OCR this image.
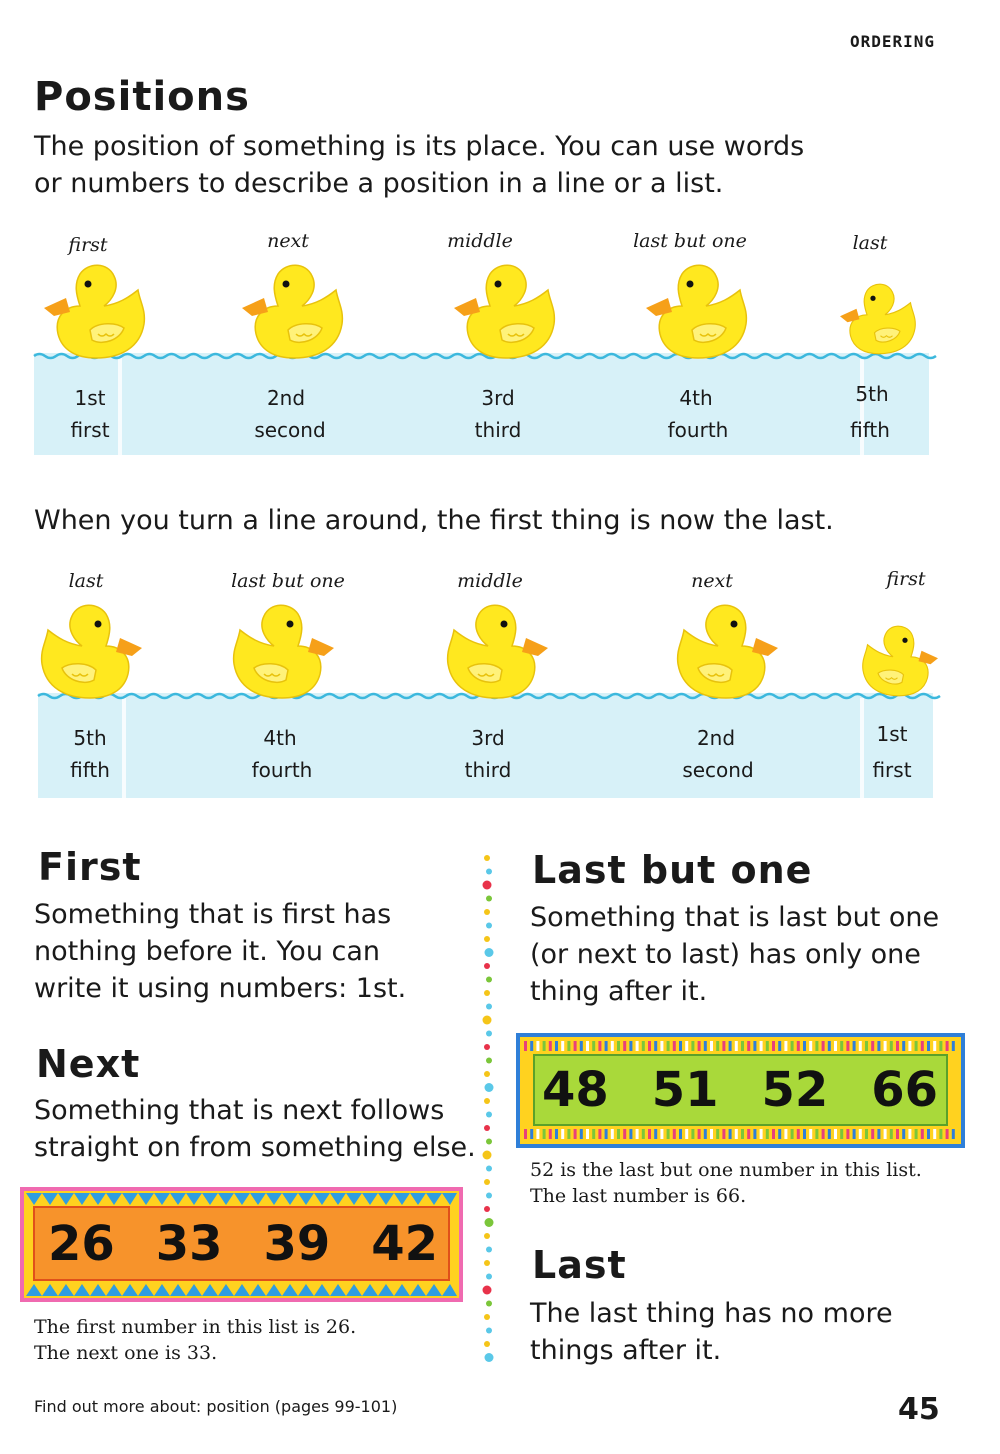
ORDERING
Positions
The position of something is its place. You can use words or numbers to describe a position in a line or a list.
first	next	middle	last but one	last
1st	2nd	3rd	4th	5th
first	second	third	fourth	fifth
When you turn a line around, the first thing is now the last.
last	last but one	middle	next	first
5th	4th	3rd	2nd	1st
fifth	fourth	third	second	first
First
Something that is first has nothing before it. You can write it using numbers: 1st.
Next
Something that is next follows straight on from something else.
26 33 39 42
The first number in this list is 26.
The next one is 33.
Last but one
Something that is last but one (or next to last) has only one thing after it.
48 51 52 66
52 is the last but one number in this list.
The last number is 66.
Last
The last thing has no more things after it.
Find out more about: position (pages 99-101)	45
